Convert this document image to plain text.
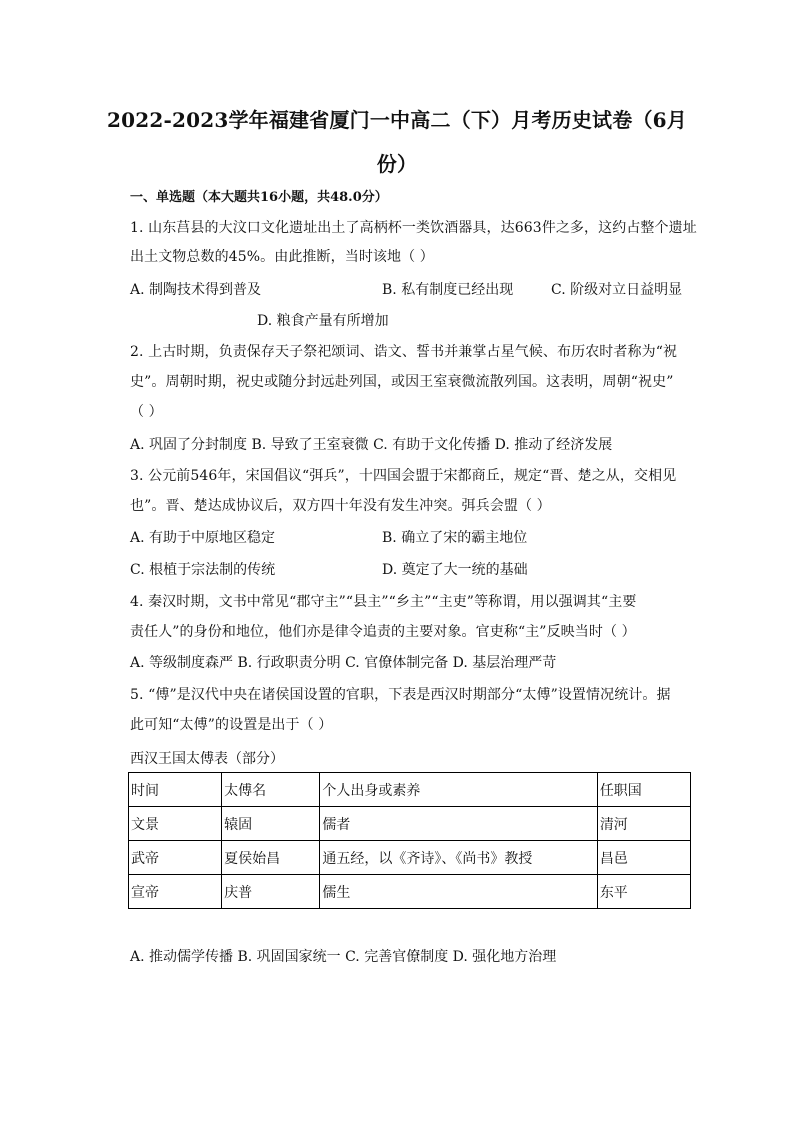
2022-2023学年福建省厦门一中高二（下）月考历史试卷（6月
份）
一、单选题（本大题共16小题，共48.0分）
1. 山东莒县的大汶口文化遗址出土了高柄杯一类饮酒器具，达663件之多，这约占整个遗址
出土文物总数的45%。由此推断，当时该地（ ）
A. 制陶技术得到普及	B. 私有制度已经出现	C. 阶级对立日益明显
D. 粮食产量有所增加
2. 上古时期，负责保存天子祭祀颂词、诰文、誓书并兼掌占星气候、布历农时者称为“祝
史”。周朝时期，祝史或随分封远赴列国，或因王室衰微流散列国。这表明，周朝“祝史”
（ ）
A. 巩固了分封制度 B. 导致了王室衰微 C. 有助于文化传播 D. 推动了经济发展
3. 公元前546年，宋国倡议“弭兵”，十四国会盟于宋都商丘，规定“晋、楚之从，交相见
也”。晋、楚达成协议后，双方四十年没有发生冲突。弭兵会盟（ ）
A. 有助于中原地区稳定	B. 确立了宋的霸主地位
C. 根植于宗法制的传统	D. 奠定了大一统的基础
4. 秦汉时期，文书中常见“郡守主”“县主”“乡主”“主吏”等称谓，用以强调其“主要
责任人”的身份和地位，他们亦是律令追责的主要对象。官吏称“主”反映当时（ ）
A. 等级制度森严 B. 行政职责分明 C. 官僚体制完备 D. 基层治理严苛
5. “傅”是汉代中央在诸侯国设置的官职，下表是西汉时期部分“太傅”设置情况统计。据
此可知“太傅”的设置是出于（ ）
西汉王国太傅表（部分）
时间	太傅名	个人出身或素养	任职国
文景	辕固	儒者	清河
武帝	夏侯始昌	通五经，以《齐诗》、《尚书》教授	昌邑
宣帝	庆普	儒生	东平
A. 推动儒学传播 B. 巩固国家统一 C. 完善官僚制度 D. 强化地方治理
